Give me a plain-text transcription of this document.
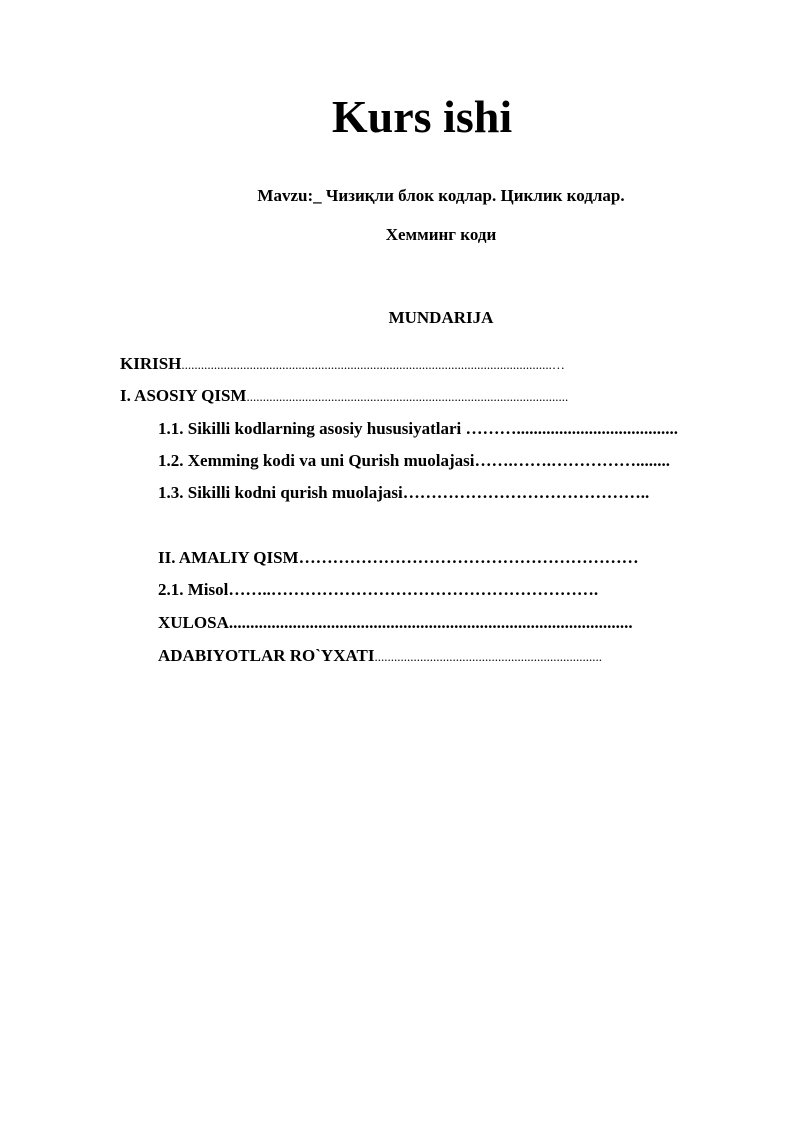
Kurs ishi
Mavzu:_ Чизиқли блок кодлар. Циклик кодлар.
Хемминг коди
MUNDARIJA
KIRISH..................................................................................................................…
I. ASOSIY QISM...................................................................................................
1.1. Sikilli kodlarning asosiy hususiyatlari ………......................................
1.2. Xemming kodi va uni Qurish muolajasi…….…….……………........
1.3. Sikilli kodni qurish muolajasi……………………………………..
II. AMALIY QISM……………………………………………………
2.1. Misol……..………………………………………………….
XULOSA...............................................................................................
ADABIYOTLAR RO`YXATI......................................................................
